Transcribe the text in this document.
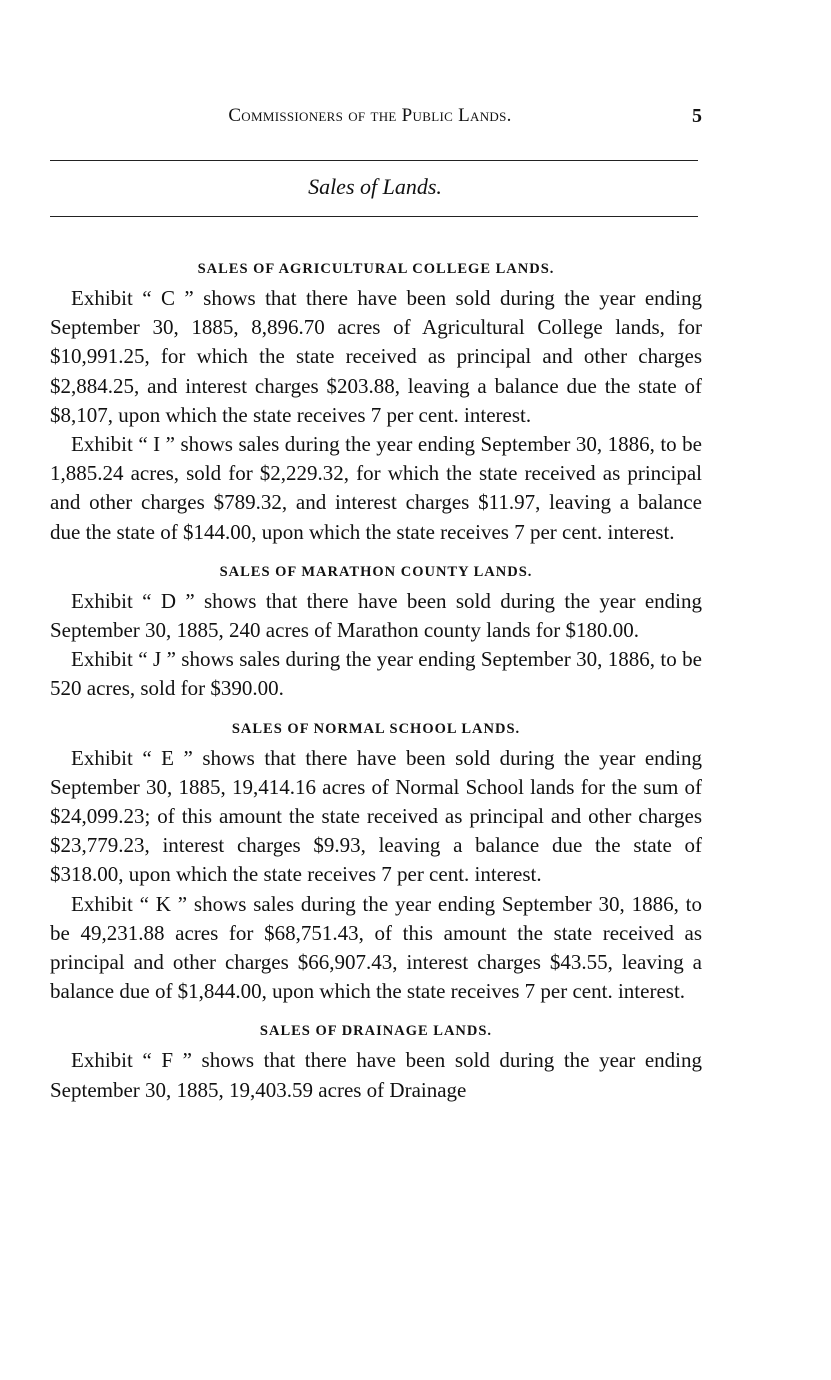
Commissioners of the Public Lands.	5
Sales of Lands.
SALES OF AGRICULTURAL COLLEGE LANDS.

Exhibit “ C ” shows that there have been sold during the year ending September 30, 1885, 8,896.70 acres of Agricultural College lands, for $10,991.25, for which the state received as principal and other charges $2,884.25, and interest charges $203.88, leaving a balance due the state of $8,107, upon which the state receives 7 per cent. interest.

Exhibit “ I ” shows sales during the year ending September 30, 1886, to be 1,885.24 acres, sold for $2,229.32, for which the state received as principal and other charges $789.32, and interest charges $11.97, leaving a balance due the state of $144.00, upon which the state receives 7 per cent. interest.

SALES OF MARATHON COUNTY LANDS.

Exhibit “ D ” shows that there have been sold during the year ending September 30, 1885, 240 acres of Marathon county lands for $180.00.

Exhibit “ J ” shows sales during the year ending September 30, 1886, to be 520 acres, sold for $390.00.

SALES OF NORMAL SCHOOL LANDS.

Exhibit “ E ” shows that there have been sold during the year ending September 30, 1885, 19,414.16 acres of Normal School lands for the sum of $24,099.23; of this amount the state received as principal and other charges $23,779.23, interest charges $9.93, leaving a balance due the state of $318.00, upon which the state receives 7 per cent. interest.

Exhibit “ K ” shows sales during the year ending September 30, 1886, to be 49,231.88 acres for $68,751.43, of this amount the state received as principal and other charges $66,907.43, interest charges $43.55, leaving a balance due of $1,844.00, upon which the state receives 7 per cent. interest.

SALES OF DRAINAGE LANDS.

Exhibit “ F ” shows that there have been sold during the year ending September 30, 1885, 19,403.59 acres of Drainage
